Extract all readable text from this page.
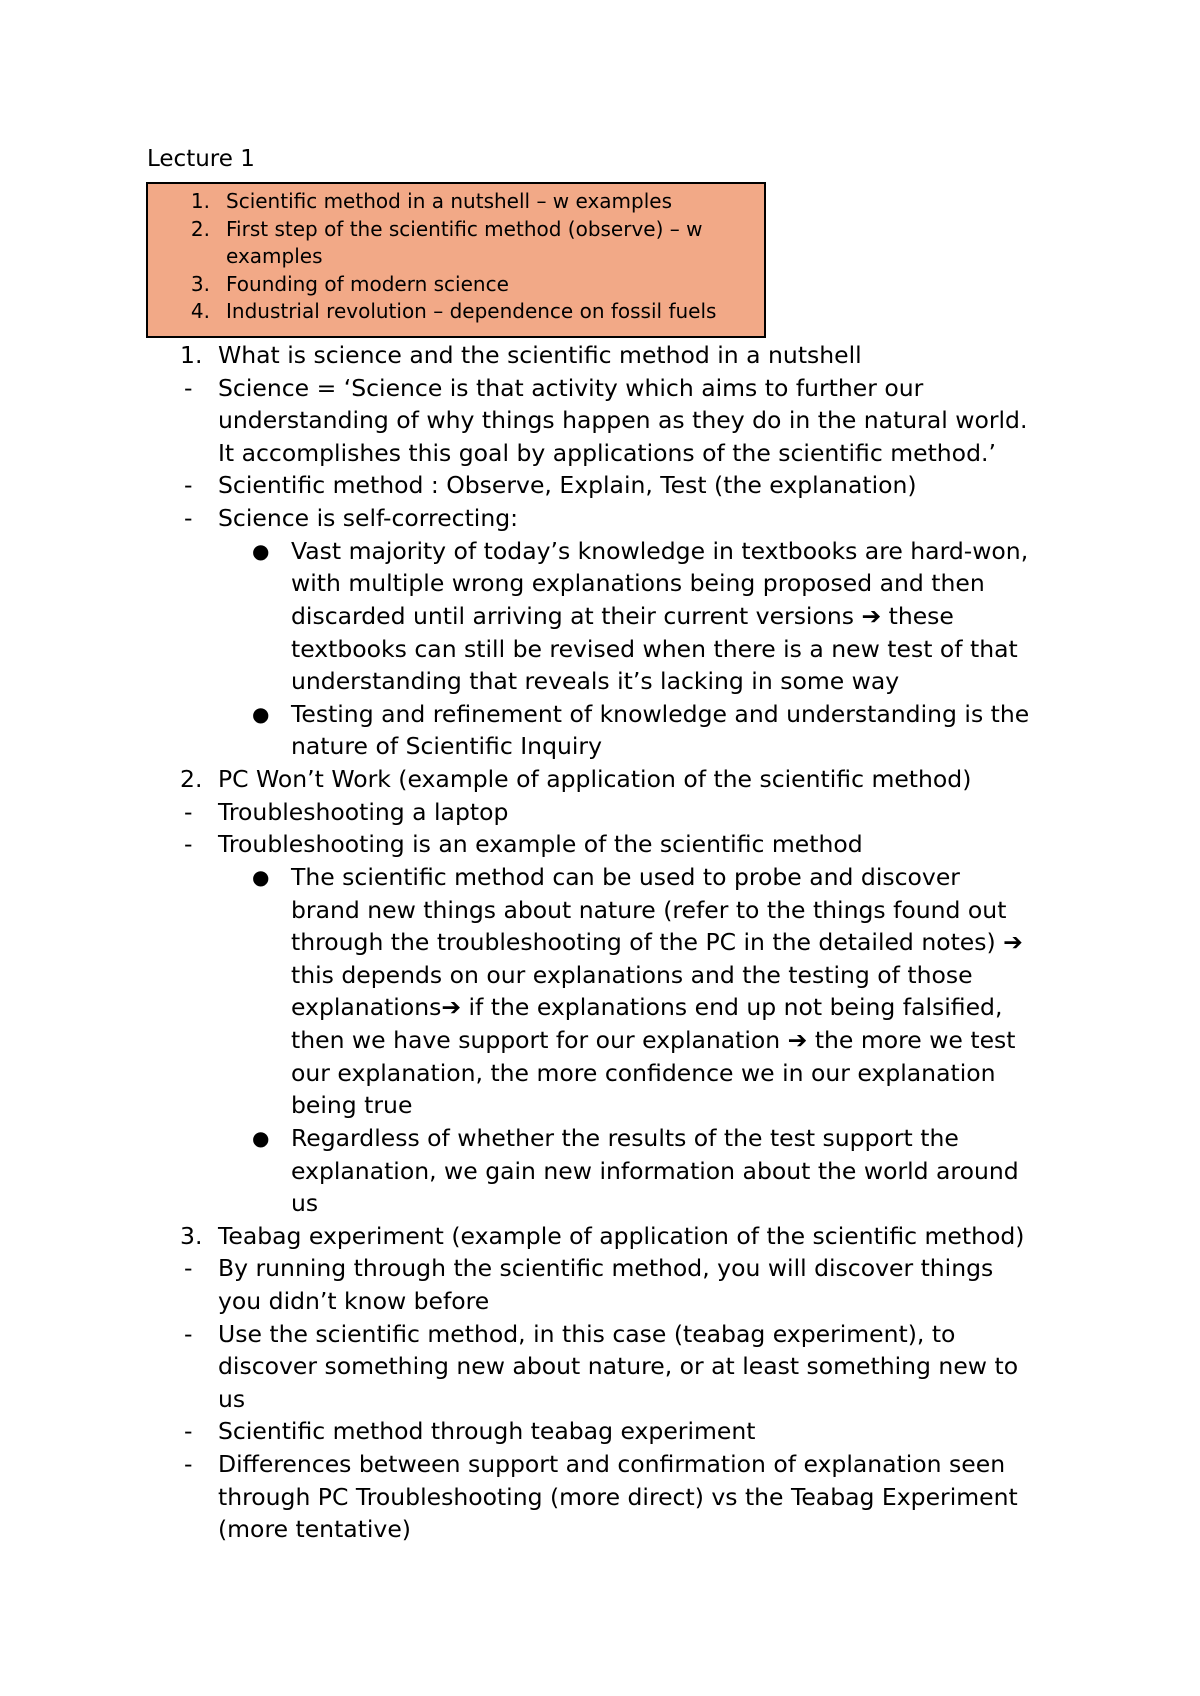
Lecture 1
1. Scientific method in a nutshell – w examples
2. First step of the scientific method (observe) – w
examples
3. Founding of modern science
4. Industrial revolution – dependence on fossil fuels
1. What is science and the scientific method in a nutshell
- Science = ‘Science is that activity which aims to further our
understanding of why things happen as they do in the natural world.
It accomplishes this goal by applications of the scientific method.’
- Scientific method : Observe, Explain, Test (the explanation)
- Science is self-correcting:
● Vast majority of today’s knowledge in textbooks are hard-won,
with multiple wrong explanations being proposed and then
discarded until arriving at their current versions ➔ these
textbooks can still be revised when there is a new test of that
understanding that reveals it’s lacking in some way
● Testing and refinement of knowledge and understanding is the
nature of Scientific Inquiry
2. PC Won’t Work (example of application of the scientific method)
- Troubleshooting a laptop
- Troubleshooting is an example of the scientific method
● The scientific method can be used to probe and discover
brand new things about nature (refer to the things found out
through the troubleshooting of the PC in the detailed notes) ➔
this depends on our explanations and the testing of those
explanations➔ if the explanations end up not being falsified,
then we have support for our explanation ➔ the more we test
our explanation, the more confidence we in our explanation
being true
● Regardless of whether the results of the test support the
explanation, we gain new information about the world around
us
3. Teabag experiment (example of application of the scientific method)
- By running through the scientific method, you will discover things
you didn’t know before
- Use the scientific method, in this case (teabag experiment), to
discover something new about nature, or at least something new to
us
- Scientific method through teabag experiment
- Differences between support and confirmation of explanation seen
through PC Troubleshooting (more direct) vs the Teabag Experiment
(more tentative)
